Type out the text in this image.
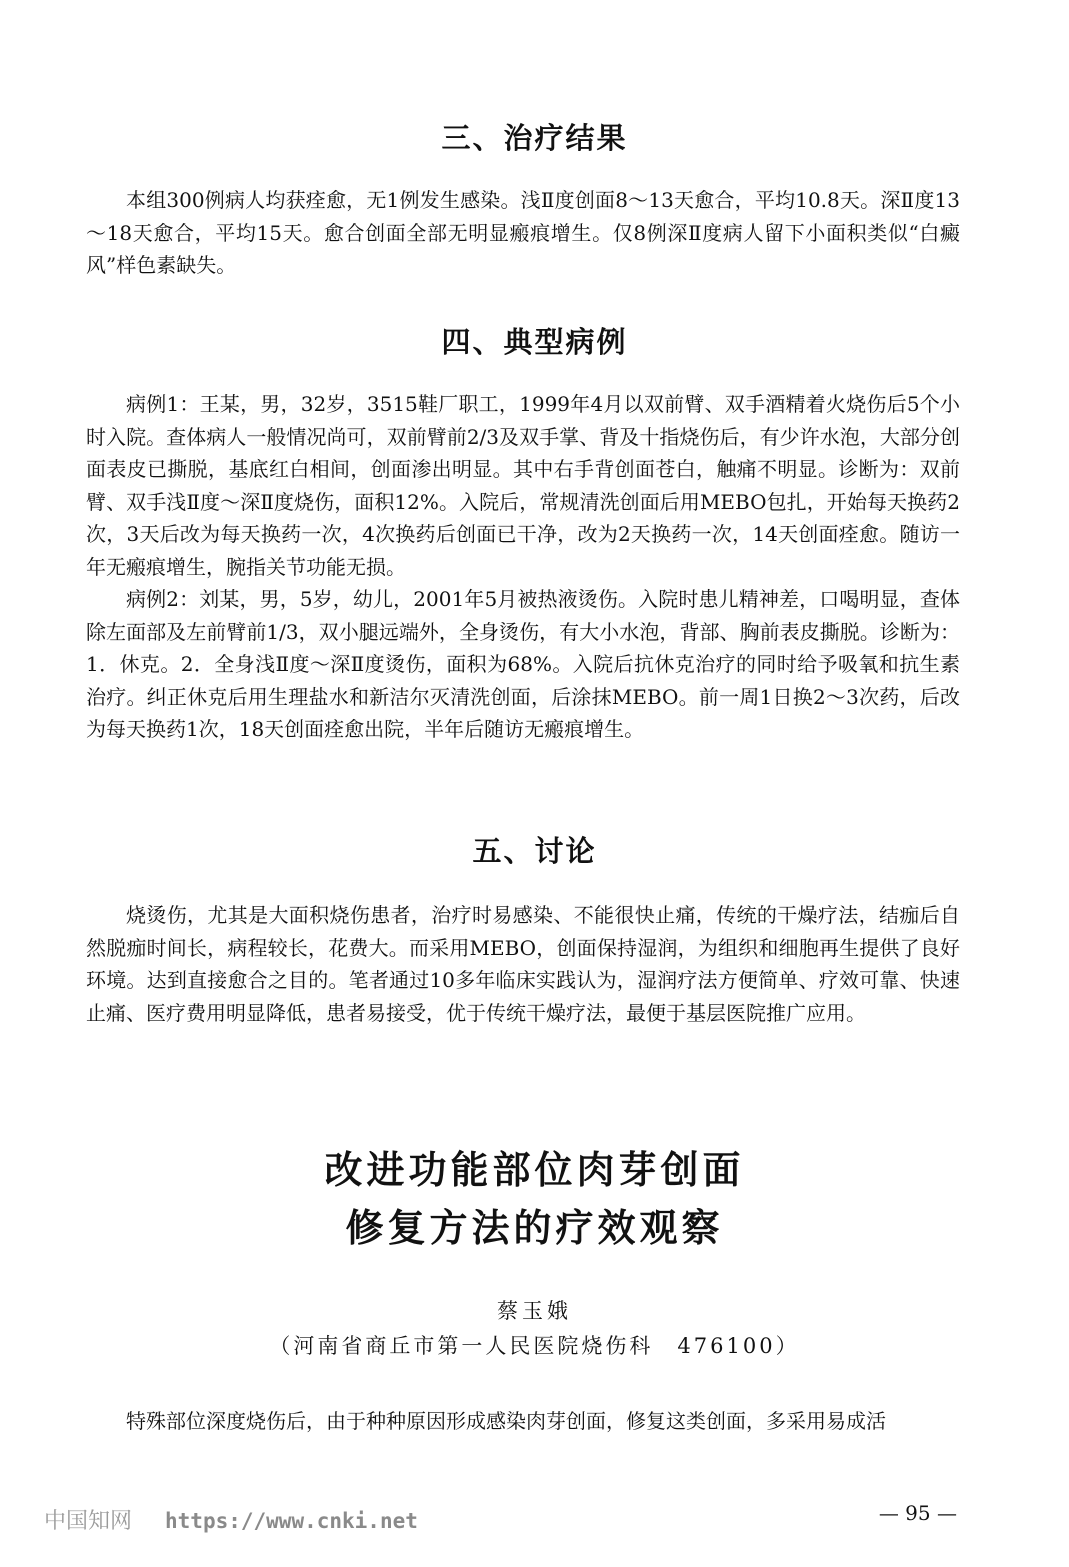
三、治疗结果

本组300例病人均获痊愈，无1例发生感染。浅Ⅱ度创面8～13天愈合，平均10.8天。深Ⅱ度13～18天愈合，平均15天。愈合创面全部无明显瘢痕增生。仅8例深Ⅱ度病人留下小面积类似“白癜风”样色素缺失。

四、典型病例

病例1：王某，男，32岁，3515鞋厂职工，1999年4月以双前臂、双手酒精着火烧伤后5个小时入院。查体病人一般情况尚可，双前臂前2/3及双手掌、背及十指烧伤后，有少许水泡，大部分创面表皮已撕脱，基底红白相间，创面渗出明显。其中右手背创面苍白，触痛不明显。诊断为：双前臂、双手浅Ⅱ度～深Ⅱ度烧伤，面积12%。入院后，常规清洗创面后用MEBO包扎，开始每天换药2次，3天后改为每天换药一次，4次换药后创面已干净，改为2天换药一次，14天创面痊愈。随访一年无瘢痕增生，腕指关节功能无损。

病例2：刘某，男，5岁，幼儿，2001年5月被热液烫伤。入院时患儿精神差，口喝明显，查体除左面部及左前臂前1/3，双小腿远端外，全身烫伤，有大小水泡，背部、胸前表皮撕脱。诊断为：1．休克。2．全身浅Ⅱ度～深Ⅱ度烫伤，面积为68%。入院后抗休克治疗的同时给予吸氧和抗生素治疗。纠正休克后用生理盐水和新洁尔灭清洗创面，后涂抹MEBO。前一周1日换2～3次药，后改为每天换药1次，18天创面痊愈出院，半年后随访无瘢痕增生。

五、讨论

烧烫伤，尤其是大面积烧伤患者，治疗时易感染、不能很快止痛，传统的干燥疗法，结痂后自然脱痂时间长，病程较长，花费大。而采用MEBO，创面保持湿润，为组织和细胞再生提供了良好环境。达到直接愈合之目的。笔者通过10多年临床实践认为，湿润疗法方便简单、疗效可靠、快速止痛、医疗费用明显降低，患者易接受，优于传统干燥疗法，最便于基层医院推广应用。

改进功能部位肉芽创面
修复方法的疗效观察
蔡玉娥
（河南省商丘市第一人民医院烧伤科　476100）

特殊部位深度烧伤后，由于种种原因形成感染肉芽创面，修复这类创面，多采用易成活

— 95 —
中国知网 https://www.cnki.net
